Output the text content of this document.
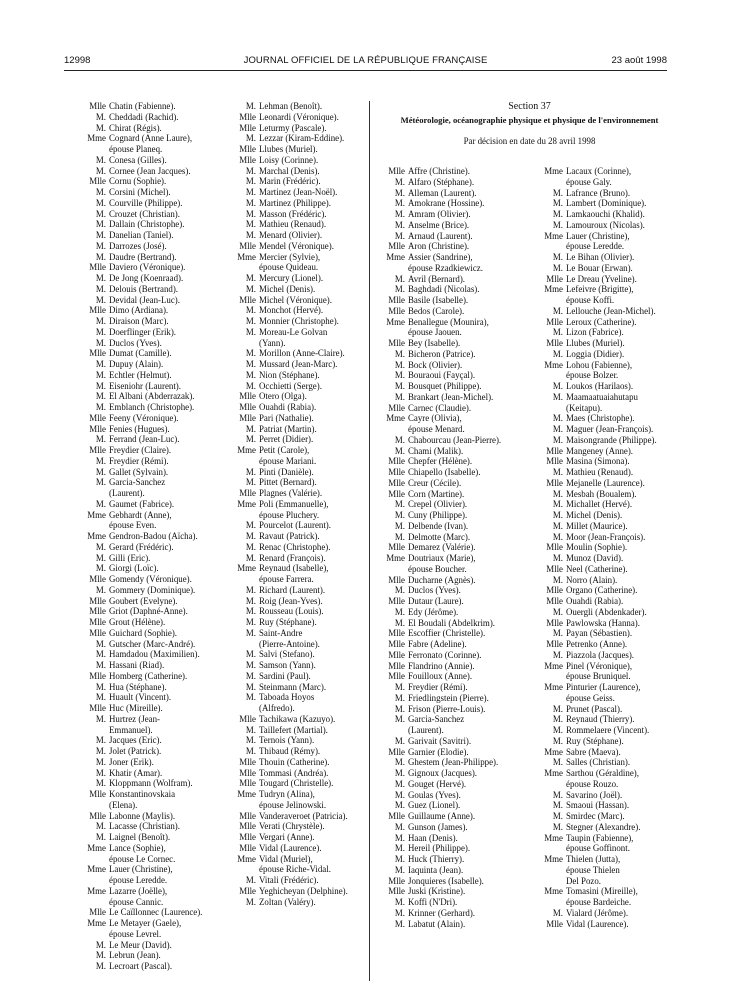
12998	JOURNAL OFFICIEL DE LA RÉPUBLIQUE FRANÇAISE	23 août 1998
Mlle Chatin (Fabienne).
M. Cheddadi (Rachid).
M. Chirat (Régis).
Mme Cognard (Anne Laure),
épouse Planeq.
M. Conesa (Gilles).
M. Cornee (Jean Jacques).
Mlle Cornu (Sophie).
M. Corsini (Michel).
M. Courville (Philippe).
M. Crouzet (Christian).
M. Dallain (Christophe).
M. Danelian (Taniel).
M. Darrozes (José).
M. Daudre (Bertrand).
Mlle Daviero (Véronique).
M. De Jong (Koenraad).
M. Delouis (Bertrand).
M. Devidal (Jean-Luc).
Mlle Dimo (Ardiana).
M. Diraison (Marc).
M. Doerflinger (Erik).
M. Duclos (Yves).
Mlle Dumat (Camille).
M. Dupuy (Alain).
M. Echtler (Helmut).
M. Eiseniohr (Laurent).
M. El Albani (Abderrazak).
M. Emblanch (Christophe).
Mlle Feeny (Véronique).
Mlle Fenies (Hugues).
M. Ferrand (Jean-Luc).
Mlle Freydier (Claire).
M. Freydier (Rémi).
M. Gallet (Sylvain).
M. Garcia-Sanchez
(Laurent).
M. Gaumet (Fabrice).
Mme Gebhardt (Anne),
épouse Even.
Mme Gendron-Badou (Aïcha).
M. Gerard (Frédéric).
M. Gilli (Eric).
M. Giorgi (Loïc).
Mlle Gomendy (Véronique).
M. Gommery (Dominique).
Mlle Goubert (Evelyne).
Mlle Griot (Daphné-Anne).
Mlle Grout (Hélène).
Mlle Guichard (Sophie).
M. Gutscher (Marc-André).
M. Hamdadou (Maximilien).
M. Hassani (Riad).
Mlle Homberg (Catherine).
M. Hua (Stéphane).
M. Huault (Vincent).
Mlle Huc (Mireille).
M. Hurtrez (Jean-
Emmanuel).
M. Jacques (Eric).
M. Jolet (Patrick).
M. Joner (Erik).
M. Khatir (Amar).
M. Kloppmann (Wolfram).
Mlle Konstantinovskaia
(Elena).
Mlle Labonne (Maylis).
M. Lacasse (Christian).
M. Laignel (Benoît).
Mme Lance (Sophie),
épouse Le Cornec.
Mme Lauer (Christine),
épouse Leredde.
Mme Lazarre (Joëlle),
épouse Cannic.
Mlle Le Caïllonnec (Laurence).
Mme Le Metayer (Gaele),
épouse Levrel.
M. Le Meur (David).
M. Lebrun (Jean).
M. Lecroart (Pascal).
M. Lehman (Benoît).
Mlle Leonardi (Véronique).
Mlle Leturmy (Pascale).
M. Lezzar (Kiram-Eddine).
Mlle Llubes (Muriel).
Mlle Loisy (Corinne).
M. Marchal (Denis).
M. Marin (Frédéric).
M. Martinez (Jean-Noël).
M. Martinez (Philippe).
M. Masson (Frédéric).
M. Mathieu (Renaud).
M. Menard (Olivier).
Mlle Mendel (Véronique).
Mme Mercier (Sylvie),
épouse Quideau.
M. Mercury (Lionel).
M. Michel (Denis).
Mlle Michel (Véronique).
M. Monchot (Hervé).
M. Monnier (Christophe).
M. Moreau-Le Golvan
(Yann).
M. Morillon (Anne-Claire).
M. Mussard (Jean-Marc).
M. Nion (Stéphane).
M. Occhietti (Serge).
Mlle Otero (Olga).
Mlle Ouahdi (Rabia).
Mlle Pari (Nathalie).
M. Patriat (Martin).
M. Perret (Didier).
Mme Petit (Carole),
épouse Mariani.
M. Pinti (Danièle).
M. Pittet (Bernard).
Mlle Plagnes (Valérie).
Mme Poli (Emmanuelle),
épouse Pluchery.
M. Pourcelot (Laurent).
M. Ravaut (Patrick).
M. Renac (Christophe).
M. Renard (François).
Mme Reynaud (Isabelle),
épouse Farrera.
M. Richard (Laurent).
M. Roig (Jean-Yves).
M. Rousseau (Louis).
M. Ruy (Stéphane).
M. Saint-Andre
(Pierre-Antoine).
M. Salvi (Stefano).
M. Samson (Yann).
M. Sardini (Paul).
M. Steinmann (Marc).
M. Taboada Hoyos
(Alfredo).
Mlle Tachikawa (Kazuyo).
M. Taillefert (Martial).
M. Ternois (Yann).
M. Thibaud (Rémy).
Mlle Thouin (Catherine).
Mlle Tommasi (Andréa).
Mlle Tougard (Christelle).
Mme Tudryn (Alina),
épouse Jelinowski.
Mlle Vanderaveroet (Patricia).
Mlle Verati (Chrystèle).
Mlle Vergari (Anne).
Mlle Vidal (Laurence).
Mme Vidal (Muriel),
épouse Riche-Vidal.
M. Vitali (Frédéric).
Mlle Yeghicheyan (Delphine).
M. Zoltan (Valéry).
Section 37
Météorologie, océanographie physique et physique de l'environnement
Par décision en date du 28 avril 1998
Mlle Affre (Christine).
M. Alfaro (Stéphane).
M. Alleman (Laurent).
M. Amokrane (Hossine).
M. Amram (Olivier).
M. Anselme (Brice).
M. Arnaud (Laurent).
Mlle Aron (Christine).
Mme Assier (Sandrine),
épouse Rzadkiewicz.
M. Avril (Bernard).
M. Baghdadi (Nicolas).
Mlle Basile (Isabelle).
Mlle Bedos (Carole).
Mme Benallegue (Mounira),
épouse Jaouen.
Mlle Bey (Isabelle).
M. Bicheron (Patrice).
M. Bock (Olivier).
M. Bouraoui (Fayçal).
M. Bousquet (Philippe).
M. Brankart (Jean-Michel).
Mlle Carnec (Claudie).
Mme Cayre (Olivia),
épouse Menard.
M. Chabourcau (Jean-Pierre).
M. Chami (Malik).
Mlle Chepfer (Hélène).
Mlle Chiapello (Isabelle).
Mlle Creur (Cécile).
Mlle Corn (Martine).
M. Crepel (Olivier).
M. Cuny (Philippe).
M. Delbende (Ivan).
M. Delmotte (Marc).
Mlle Demarez (Valérie).
Mme Doutriaux (Marie),
épouse Boucher.
Mlle Ducharne (Agnès).
M. Duclos (Yves).
Mlle Dutaur (Laure).
M. Edy (Jérôme).
M. El Boudali (Abdelkrim).
Mlle Escoffier (Christelle).
Mlle Fabre (Adeline).
Mlle Ferronato (Corinne).
Mlle Flandrino (Annie).
Mlle Fouilloux (Anne).
M. Freydier (Rémi).
M. Friedlingstein (Pierre).
M. Frison (Pierre-Louis).
M. Garcia-Sanchez
(Laurent).
M. Garivait (Savitri).
Mlle Garnier (Elodie).
M. Ghestem (Jean-Philippe).
M. Gignoux (Jacques).
M. Gouget (Hervé).
M. Goulas (Yves).
M. Guez (Lionel).
Mlle Guillaume (Anne).
M. Gunson (James).
M. Haan (Denis).
M. Hereil (Philippe).
M. Huck (Thierry).
M. Iaquinta (Jean).
Mlle Jonquieres (Isabelle).
Mlle Juski (Kristine).
M. Koffi (N'Dri).
M. Krinner (Gerhard).
M. Labatut (Alain).
Mme Lacaux (Corinne),
épouse Galy.
M. Lafrance (Bruno).
M. Lambert (Dominique).
M. Lamkaouchi (Khalid).
M. Lamouroux (Nicolas).
Mme Lauer (Christine),
épouse Leredde.
M. Le Bihan (Olivier).
M. Le Bouar (Erwan).
Mlle Le Dreau (Yveline).
Mme Lefeivre (Brigitte),
épouse Koffi.
M. Lellouche (Jean-Michel).
Mlle Leroux (Catherine).
M. Lizon (Fabrice).
Mlle Llubes (Muriel).
M. Loggia (Didier).
Mme Lohou (Fabienne),
épouse Bolzer.
M. Loukos (Harilaos).
M. Maamaatuaiahutapu
(Keitapu).
M. Maes (Christophe).
M. Maguer (Jean-François).
M. Maisongrande (Philippe).
Mlle Mangeney (Anne).
Mlle Masina (Simona).
M. Mathieu (Renaud).
Mlle Mejanelle (Laurence).
M. Mesbah (Boualem).
M. Michallet (Hervé).
M. Michel (Denis).
M. Millet (Maurice).
M. Moor (Jean-François).
Mlle Moulin (Sophie).
M. Munoz (David).
Mlle Neel (Catherine).
M. Norro (Alain).
Mlle Organo (Catherine).
Mlle Ouahdi (Rabia).
M. Ouergli (Abdenkader).
Mlle Pawlowska (Hanna).
M. Payan (Sébastien).
Mlle Petrenko (Anne).
M. Piazzola (Jacques).
Mme Pinel (Véronique),
épouse Bruniquel.
Mme Pinturier (Laurence),
épouse Geiss.
M. Prunet (Pascal).
M. Reynaud (Thierry).
M. Rommelaere (Vincent).
M. Ruy (Stéphane).
Mme Sabre (Maeva).
M. Salles (Christian).
Mme Sarthou (Géraldine),
épouse Rouzo.
M. Savarino (Joël).
M. Smaoui (Hassan).
M. Smirdec (Marc).
M. Stegner (Alexandre).
Mme Taupin (Fabienne),
épouse Goffinont.
Mme Thielen (Jutta),
épouse Thielen
Del Pozo.
Mme Tomasini (Mireille),
épouse Bardeiche.
M. Vialard (Jérôme).
Mlle Vidal (Laurence).
